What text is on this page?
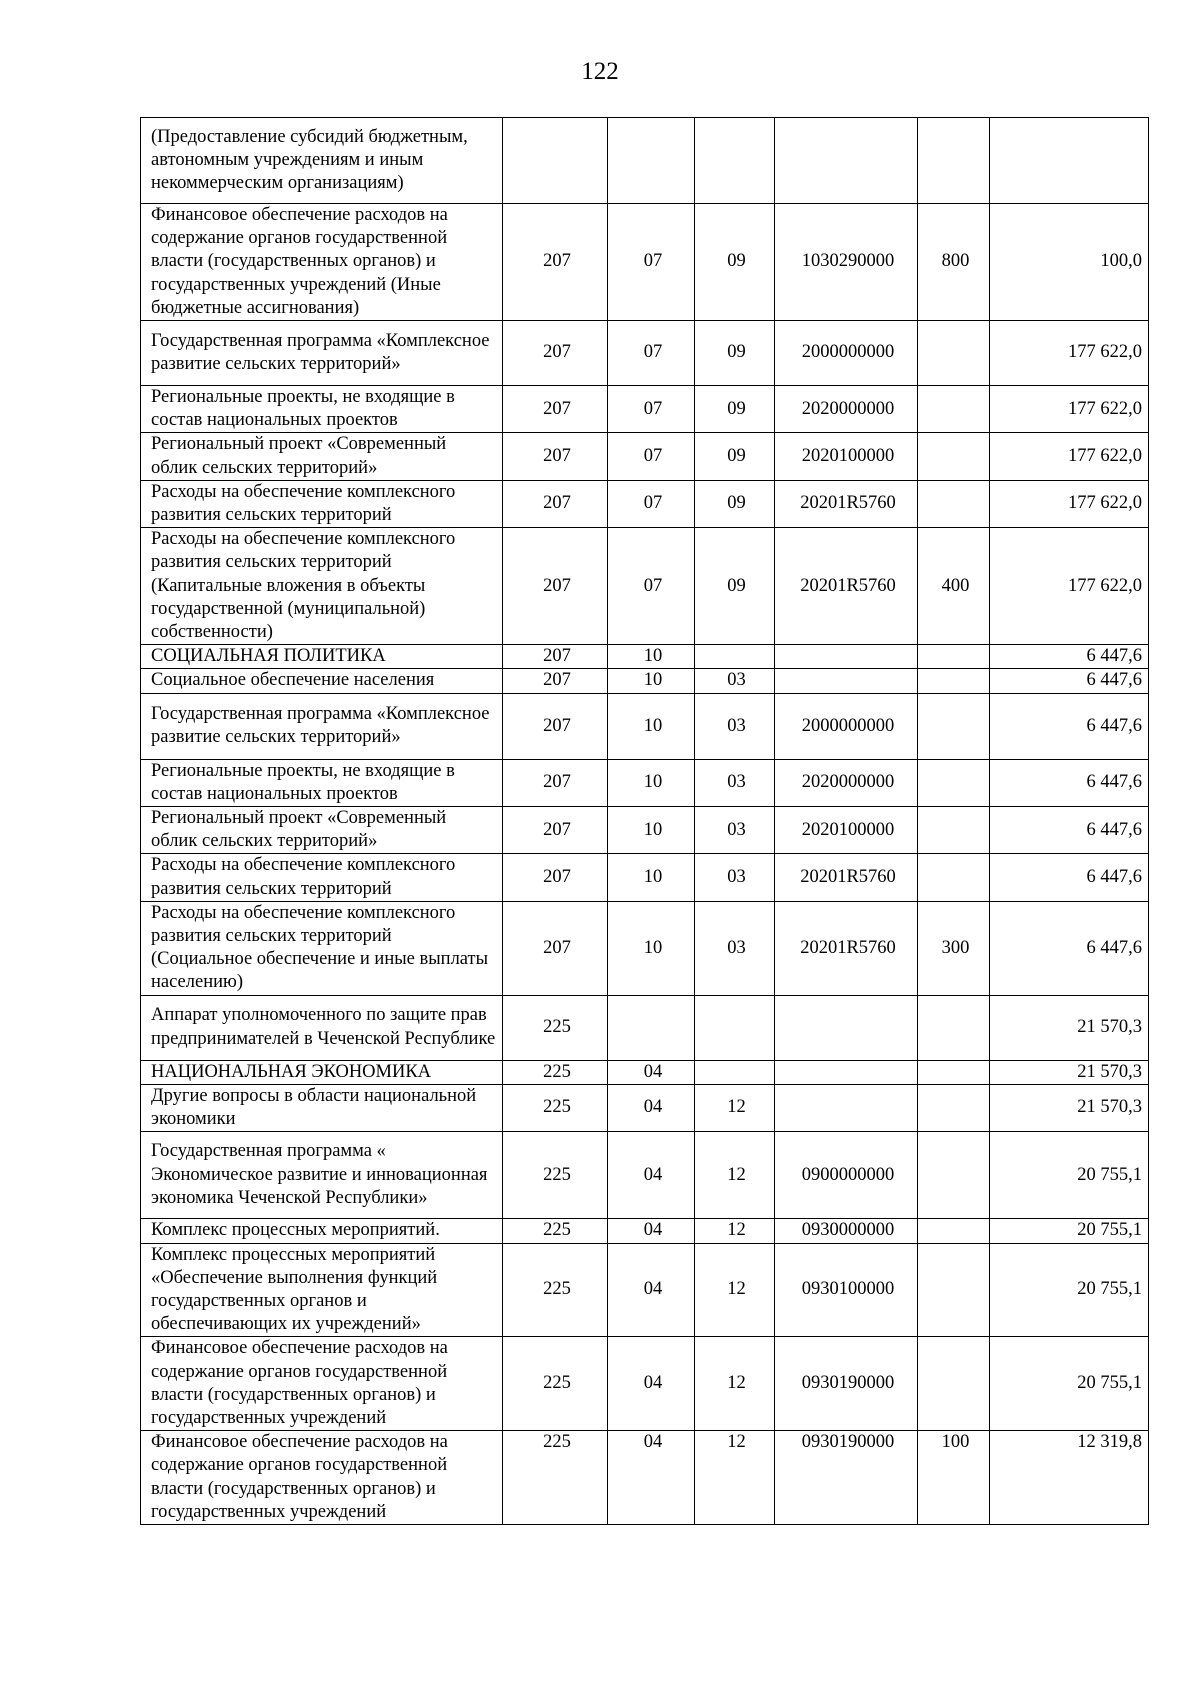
122
(Предоставление субсидий бюджетным, автономным учреждениям и иным некоммерческим организациям)						
Финансовое обеспечение расходов на содержание органов государственной власти (государственных органов) и государственных учреждений (Иные бюджетные ассигнования)	207	07	09	1030290000	800	100,0
Государственная программа «Комплексное развитие сельских территорий»	207	07	09	2000000000		177 622,0
Региональные проекты, не входящие в состав национальных проектов	207	07	09	2020000000		177 622,0
Региональный проект «Современный облик сельских территорий»	207	07	09	2020100000		177 622,0
Расходы на обеспечение комплексного развития сельских территорий	207	07	09	20201R5760		177 622,0
Расходы на обеспечение комплексного развития сельских территорий (Капитальные вложения в объекты государственной (муниципальной) собственности)	207	07	09	20201R5760	400	177 622,0
СОЦИАЛЬНАЯ ПОЛИТИКА	207	10				6 447,6
Социальное обеспечение населения	207	10	03			6 447,6
Государственная программа «Комплексное развитие сельских территорий»	207	10	03	2000000000		6 447,6
Региональные проекты, не входящие в состав национальных проектов	207	10	03	2020000000		6 447,6
Региональный проект «Современный облик сельских территорий»	207	10	03	2020100000		6 447,6
Расходы на обеспечение комплексного развития сельских территорий	207	10	03	20201R5760		6 447,6
Расходы на обеспечение комплексного развития сельских территорий (Социальное обеспечение и иные выплаты населению)	207	10	03	20201R5760	300	6 447,6
Аппарат уполномоченного по защите прав предпринимателей в Чеченской Республике	225					21 570,3
НАЦИОНАЛЬНАЯ ЭКОНОМИКА	225	04				21 570,3
Другие вопросы в области национальной экономики	225	04	12			21 570,3
Государственная программа « Экономическое развитие и инновационная экономика Чеченской Республики»	225	04	12	0900000000		20 755,1
Комплекс процессных мероприятий.	225	04	12	0930000000		20 755,1
Комплекс процессных мероприятий «Обеспечение выполнения функций государственных органов и обеспечивающих их учреждений»	225	04	12	0930100000		20 755,1
Финансовое обеспечение расходов на содержание органов государственной власти (государственных органов) и государственных учреждений	225	04	12	0930190000		20 755,1
Финансовое обеспечение расходов на содержание органов государственной власти (государственных органов) и государственных учреждений	225	04	12	0930190000	100	12 319,8
